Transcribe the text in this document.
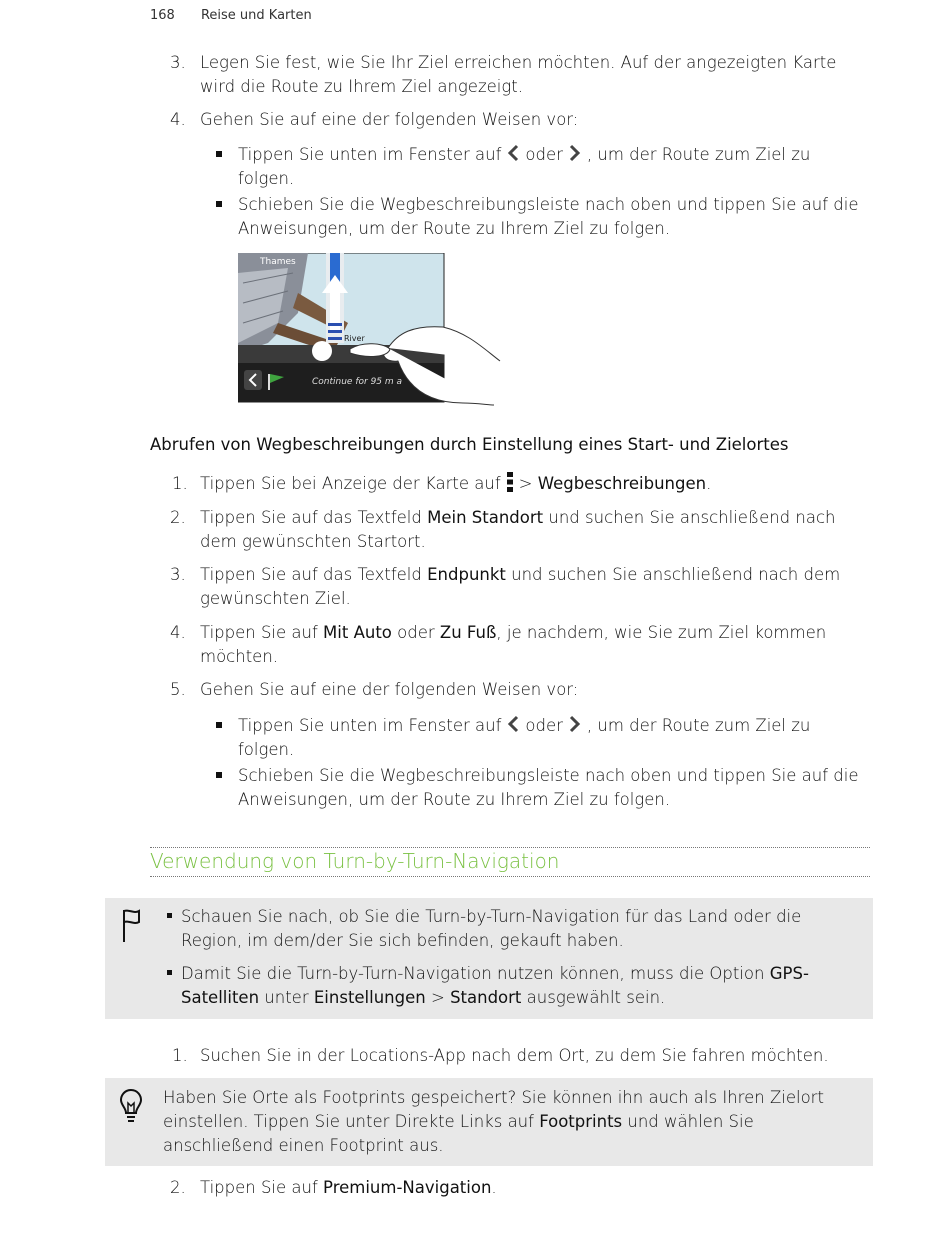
168 Reise und Karten
3. Legen Sie fest, wie Sie Ihr Ziel erreichen möchten. Auf der angezeigten Karte wird die Route zu Ihrem Ziel angezeigt.
4. Gehen Sie auf eine der folgenden Weisen vor:
Tippen Sie unten im Fenster auf oder , um der Route zum Ziel zu folgen.
Schieben Sie die Wegbeschreibungsleiste nach oben und tippen Sie auf die Anweisungen, um der Route zu Ihrem Ziel zu folgen.
Thames
River
Continue for 95 m a
Abrufen von Wegbeschreibungen durch Einstellung eines Start- und Zielortes
1. Tippen Sie bei Anzeige der Karte auf > Wegbeschreibungen.
2. Tippen Sie auf das Textfeld Mein Standort und suchen Sie anschließend nach dem gewünschten Startort.
3. Tippen Sie auf das Textfeld Endpunkt und suchen Sie anschließend nach dem gewünschten Ziel.
4. Tippen Sie auf Mit Auto oder Zu Fuß, je nachdem, wie Sie zum Ziel kommen möchten.
5. Gehen Sie auf eine der folgenden Weisen vor:
Tippen Sie unten im Fenster auf oder , um der Route zum Ziel zu folgen.
Schieben Sie die Wegbeschreibungsleiste nach oben und tippen Sie auf die Anweisungen, um der Route zu Ihrem Ziel zu folgen.
Verwendung von Turn-by-Turn-Navigation
Schauen Sie nach, ob Sie die Turn-by-Turn-Navigation für das Land oder die Region, im dem/der Sie sich befinden, gekauft haben.
Damit Sie die Turn-by-Turn-Navigation nutzen können, muss die Option GPS-Satelliten unter Einstellungen > Standort ausgewählt sein.
1. Suchen Sie in der Locations-App nach dem Ort, zu dem Sie fahren möchten.
Haben Sie Orte als Footprints gespeichert? Sie können ihn auch als Ihren Zielort einstellen. Tippen Sie unter Direkte Links auf Footprints und wählen Sie anschließend einen Footprint aus.
2. Tippen Sie auf Premium-Navigation.
